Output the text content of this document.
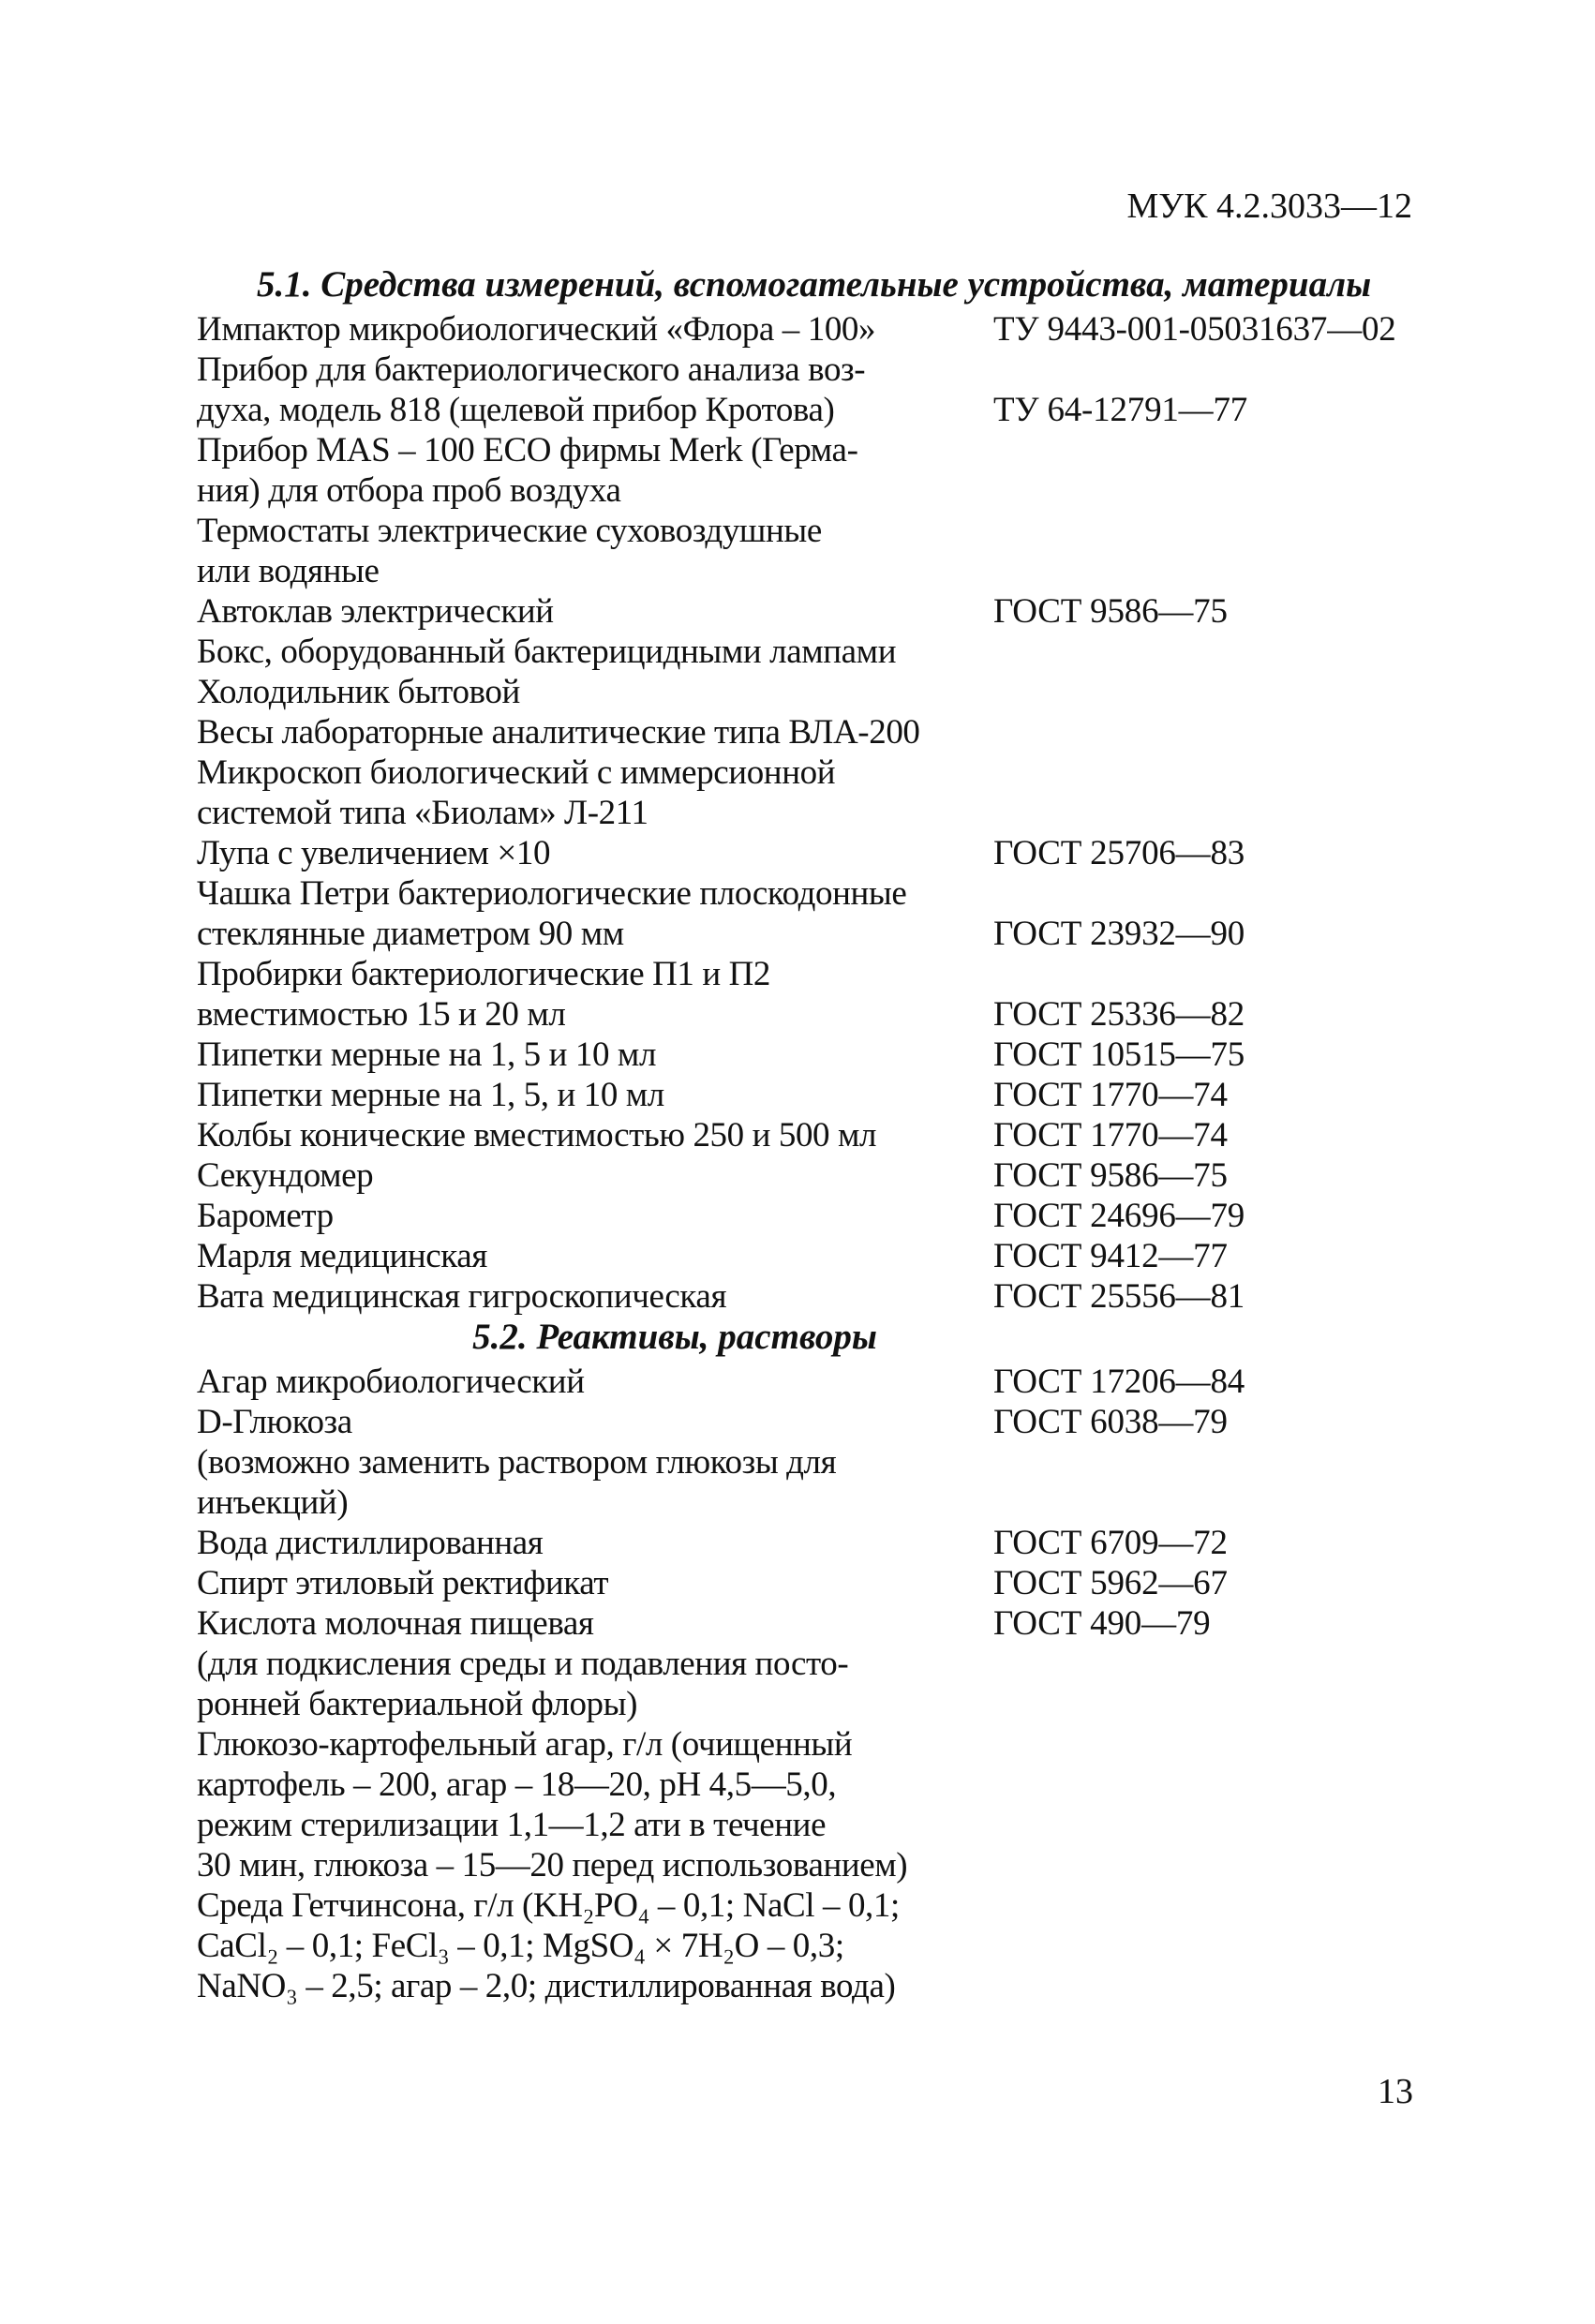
МУК 4.2.3033—12
5.1. Средства измерений, вспомогательные устройства, материалы
Импактор микробиологический «Флора – 100»	ТУ 9443-001-05031637—02
Прибор для бактериологического анализа воз-
духа, модель 818 (щелевой прибор Кротова)	ТУ 64-12791—77
Прибор MAS – 100 ECO фирмы Merk (Герма-
ния) для отбора проб воздуха
Термостаты электрические суховоздушные
или водяные
Автоклав электрический	ГОСТ 9586—75
Бокс, оборудованный бактерицидными лампами
Холодильник бытовой
Весы лабораторные аналитические типа ВЛА-200
Микроскоп биологический с иммерсионной
системой типа «Биолам» Л-211
Лупа с увеличением ×10	ГОСТ 25706—83
Чашка Петри бактериологические плоскодонные
стеклянные диаметром 90 мм	ГОСТ 23932—90
Пробирки бактериологические П1 и П2
вместимостью 15 и 20 мл	ГОСТ 25336—82
Пипетки мерные на 1, 5 и 10 мл	ГОСТ 10515—75
Пипетки мерные на 1, 5, и 10 мл	ГОСТ 1770—74
Колбы конические вместимостью 250 и 500 мл	ГОСТ 1770—74
Секундомер	ГОСТ 9586—75
Барометр	ГОСТ 24696—79
Марля медицинская	ГОСТ 9412—77
Вата медицинская гигроскопическая	ГОСТ 25556—81
5.2. Реактивы, растворы
Агар микробиологический	ГОСТ 17206—84
D-Глюкоза	ГОСТ 6038—79
(возможно заменить раствором глюкозы для
инъекций)
Вода дистиллированная	ГОСТ 6709—72
Спирт этиловый ректификат	ГОСТ 5962—67
Кислота молочная пищевая	ГОСТ 490—79
(для подкисления среды и подавления посто-
ронней бактериальной флоры)
Глюкозо-картофельный агар, г/л (очищенный
картофель – 200, агар – 18—20, pH 4,5—5,0,
режим стерилизации 1,1—1,2 ати в течение
30 мин, глюкоза – 15—20 перед использованием)
Среда Гетчинсона, г/л (KH₂PO₄ – 0,1; NaCl – 0,1;
CaCl₂ – 0,1; FeCl₃ – 0,1; MgSO₄ × 7H₂O – 0,3;
NaNO₃ – 2,5; агар – 2,0; дистиллированная вода)
13
